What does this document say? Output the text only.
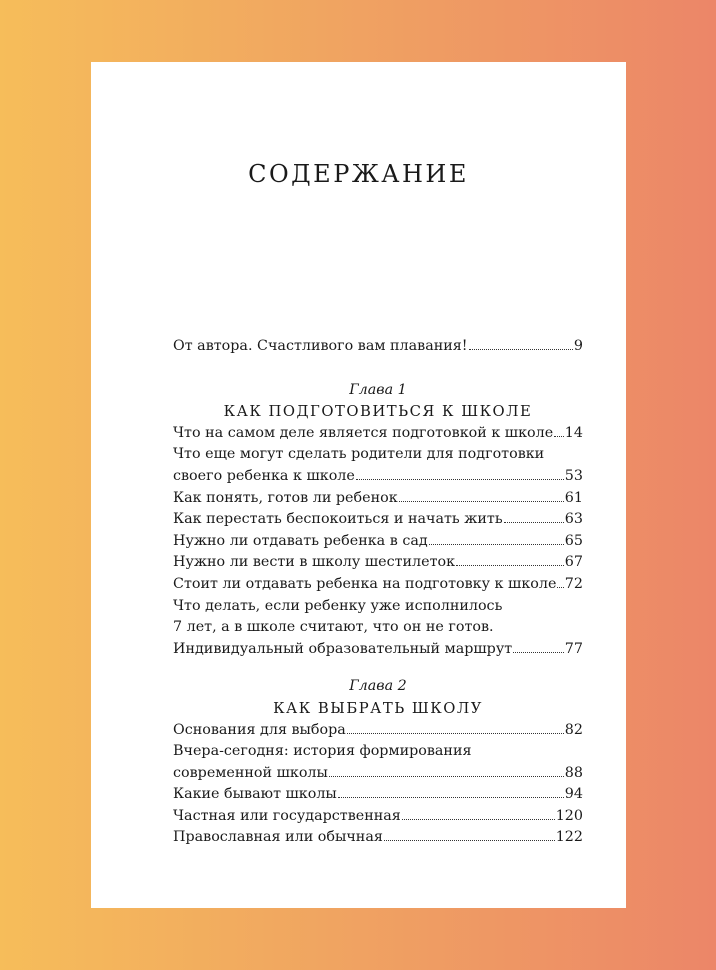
СОДЕРЖАНИЕ
От автора. Счастливого вам плавания!	9
Глава 1
КАК ПОДГОТОВИТЬСЯ К ШКОЛЕ
Что на самом деле является подготовкой к школе 14
Что еще могут сделать родители для подготовки
своего ребенка к школе	53
Как понять, готов ли ребенок	61
Как перестать беспокоиться и начать жить	63
Нужно ли отдавать ребенка в сад	65
Нужно ли вести в школу шестилеток	67
Стоит ли отдавать ребенка на подготовку к школе 72
Что делать, если ребенку уже исполнилось
7 лет, а в школе считают, что он не готов.
Индивидуальный образовательный маршрут	77
Глава 2
КАК ВЫБРАТЬ ШКОЛУ
Основания для выбора	82
Вчера-сегодня: история формирования
современной школы	88
Какие бывают школы	94
Частная или государственная	120
Православная или обычная	122
